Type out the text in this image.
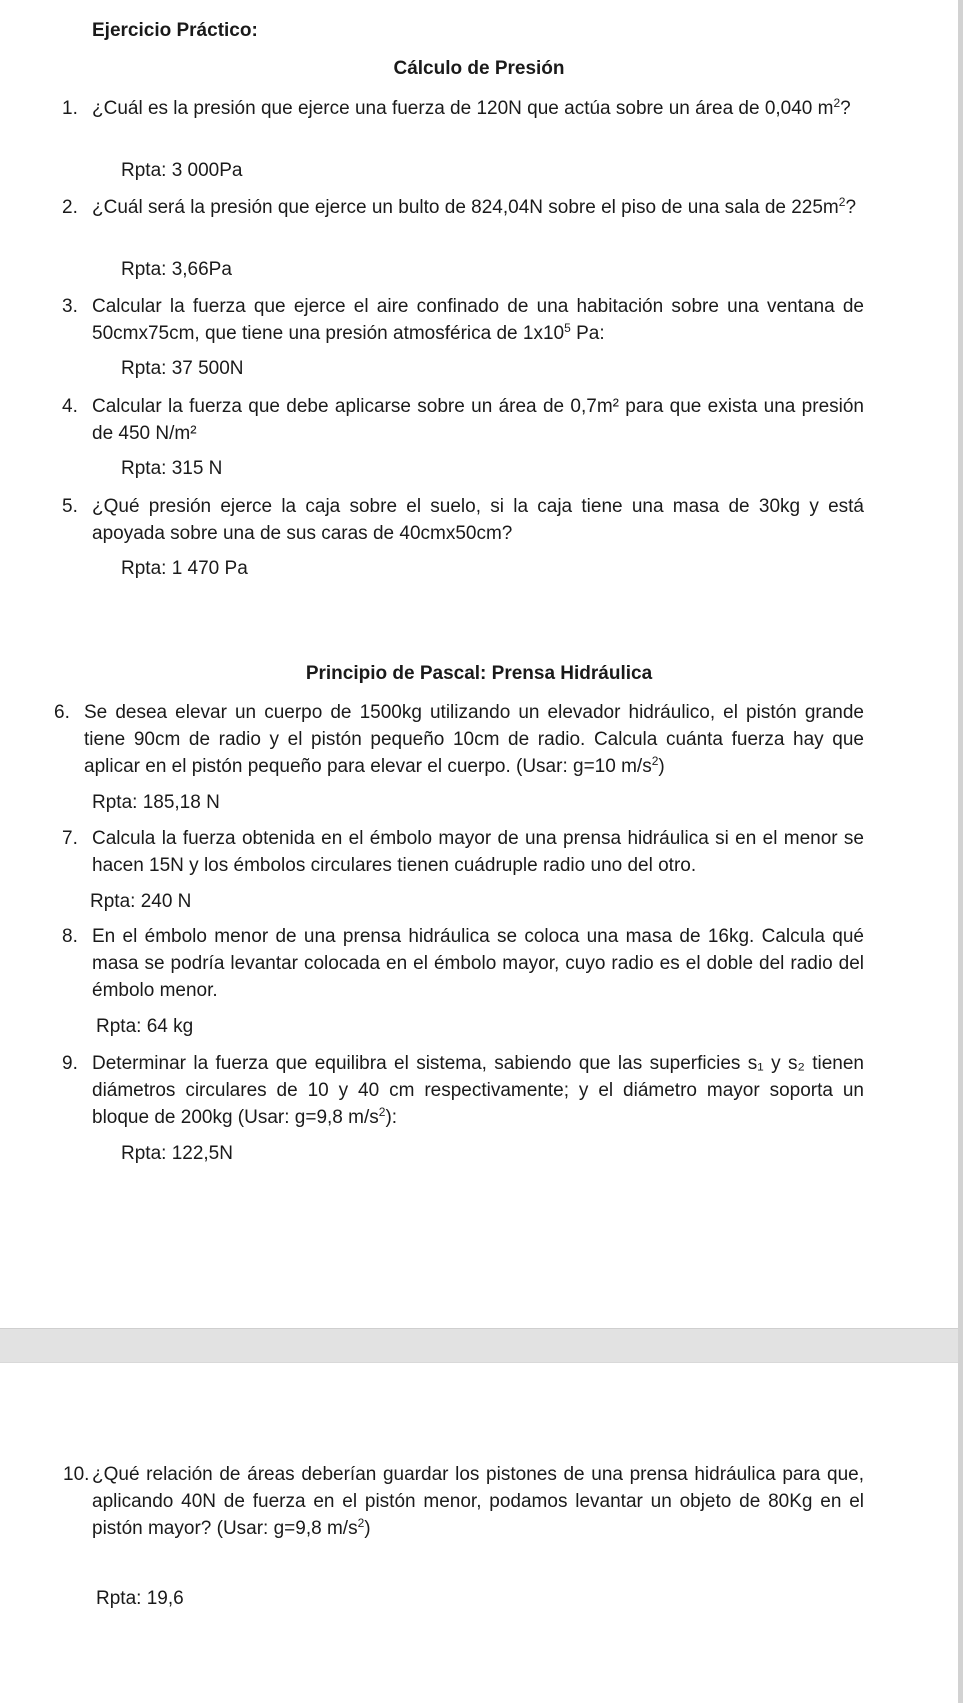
Ejercicio Práctico:
Cálculo de Presión
1. ¿Cuál es la presión que ejerce una fuerza de 120N que actúa sobre un área de 0,040 $m^2$?
Rpta: 3 000Pa
2. ¿Cuál será la presión que ejerce un bulto de 824,04N sobre el piso de una sala de $225m^2$?
Rpta: 3,66Pa
3. Calcular la fuerza que ejerce el aire confinado de una habitación sobre una ventana de 50cmx75cm, que tiene una presión atmosférica de $1x10^5$ Pa:
Rpta: 37 500N
4. Calcular la fuerza que debe aplicarse sobre un área de 0,7m² para que exista una presión de 450 N/m²
Rpta: 315 N
5. ¿Qué presión ejerce la caja sobre el suelo, si la caja tiene una masa de 30kg y está apoyada sobre una de sus caras de 40cmx50cm?
Rpta: 1 470 Pa
Principio de Pascal: Prensa Hidráulica
6. Se desea elevar un cuerpo de 1500kg utilizando un elevador hidráulico, el pistón grande tiene 90cm de radio y el pistón pequeño 10cm de radio. Calcula cuánta fuerza hay que aplicar en el pistón pequeño para elevar el cuerpo. (Usar: g=10 $m/s^2$)
Rpta: 185,18 N
7. Calcula la fuerza obtenida en el émbolo mayor de una prensa hidráulica si en el menor se hacen 15N y los émbolos circulares tienen cuádruple radio uno del otro.
Rpta: 240 N
8. En el émbolo menor de una prensa hidráulica se coloca una masa de 16kg. Calcula qué masa se podría levantar colocada en el émbolo mayor, cuyo radio es el doble del radio del émbolo menor.
Rpta: 64 kg
9. Determinar la fuerza que equilibra el sistema, sabiendo que las superficies s₁ y s₂ tienen diámetros circulares de 10 y 40 cm respectivamente; y el diámetro mayor soporta un bloque de 200kg (Usar: g=9,8 $m/s^2$):
Rpta: 122,5N
10. ¿Qué relación de áreas deberían guardar los pistones de una prensa hidráulica para que, aplicando 40N de fuerza en el pistón menor, podamos levantar un objeto de 80Kg en el pistón mayor? (Usar: g=9,8 $m/s^2$)
Rpta: 19,6
